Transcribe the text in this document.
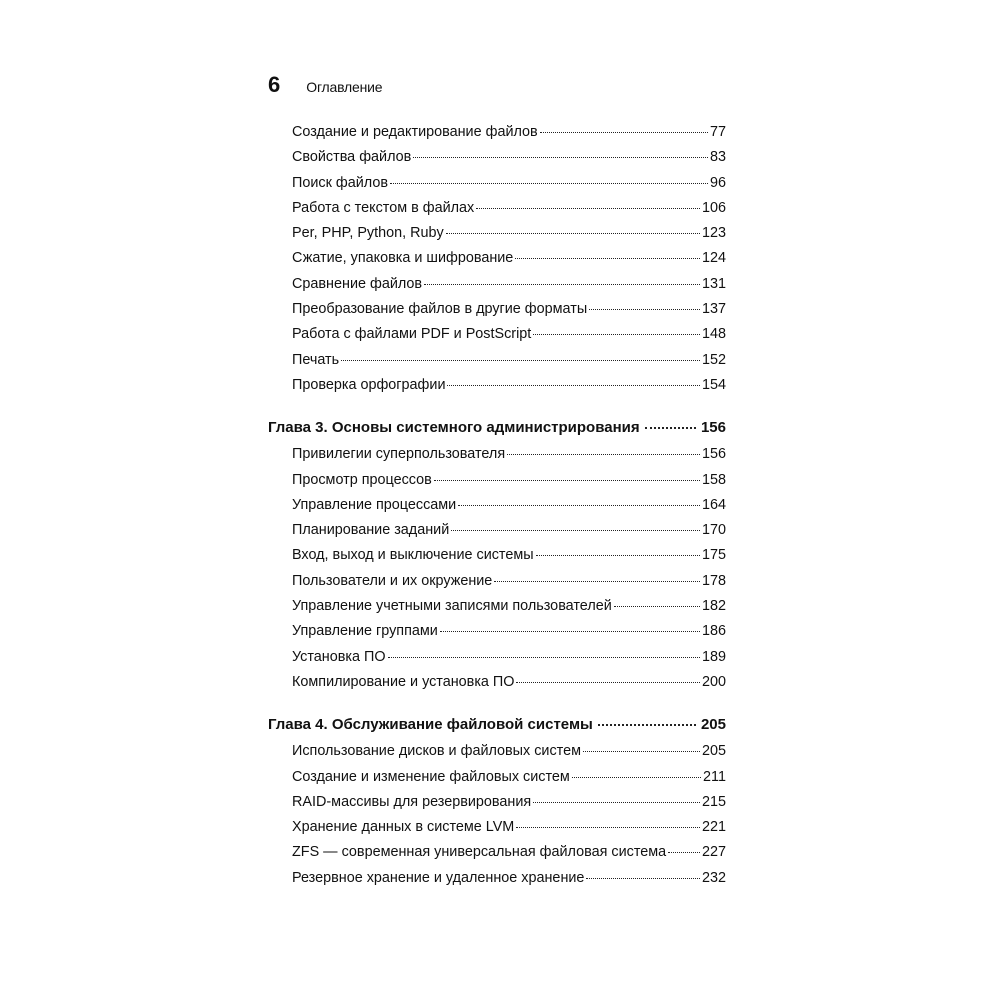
6 Оглавление
Создание и редактирование файлов	77
Свойства файлов	83
Поиск файлов	96
Работа с текстом в файлах	106
Per, PHP, Python, Ruby	123
Сжатие, упаковка и шифрование	124
Сравнение файлов	131
Преобразование файлов в другие форматы	137
Работа с файлами PDF и PostScript	148
Печать	152
Проверка орфографии	154
Глава 3. Основы системного администрирования	156
Привилегии суперпользователя	156
Просмотр процессов	158
Управление процессами	164
Планирование заданий	170
Вход, выход и выключение системы	175
Пользователи и их окружение	178
Управление учетными записями пользователей	182
Управление группами	186
Установка ПО	189
Компилирование и установка ПО	200
Глава 4. Обслуживание файловой системы	205
Использование дисков и файловых систем	205
Создание и изменение файловых систем	211
RAID-массивы для резервирования	215
Хранение данных в системе LVM	221
ZFS — современная универсальная файловая система 227
Резервное хранение и удаленное хранение	232
